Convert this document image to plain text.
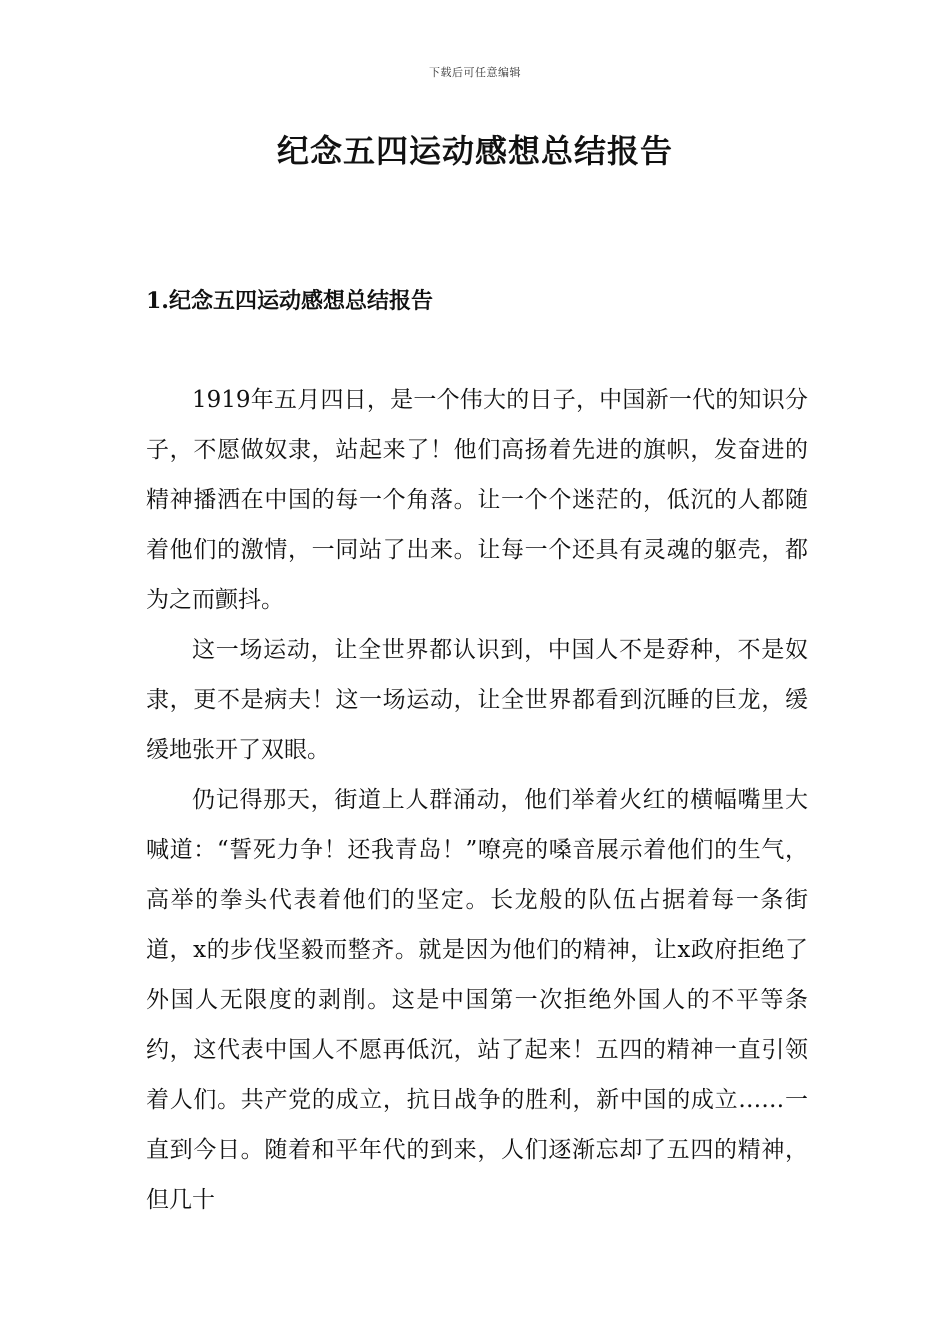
下载后可任意编辑
纪念五四运动感想总结报告
1.纪念五四运动感想总结报告

1919年五月四日，是一个伟大的日子，中国新一代的知识分子，不愿做奴隶，站起来了！他们高扬着先进的旗帜，发奋进的精神播洒在中国的每一个角落。让一个个迷茫的，低沉的人都随着他们的激情，一同站了出来。让每一个还具有灵魂的躯壳，都为之而颤抖。

这一场运动，让全世界都认识到，中国人不是孬种，不是奴隶，更不是病夫！这一场运动，让全世界都看到沉睡的巨龙，缓缓地张开了双眼。

仍记得那天，街道上人群涌动，他们举着火红的横幅嘴里大喊道：“誓死力争！还我青岛！”嘹亮的嗓音展示着他们的生气，高举的拳头代表着他们的坚定。长龙般的队伍占据着每一条街道，x的步伐坚毅而整齐。就是因为他们的精神，让x政府拒绝了外国人无限度的剥削。这是中国第一次拒绝外国人的不平等条约，这代表中国人不愿再低沉，站了起来！五四的精神一直引领着人们。共产党的成立，抗日战争的胜利，新中国的成立……一直到今日。随着和平年代的到来，人们逐渐忘却了五四的精神，但几十
